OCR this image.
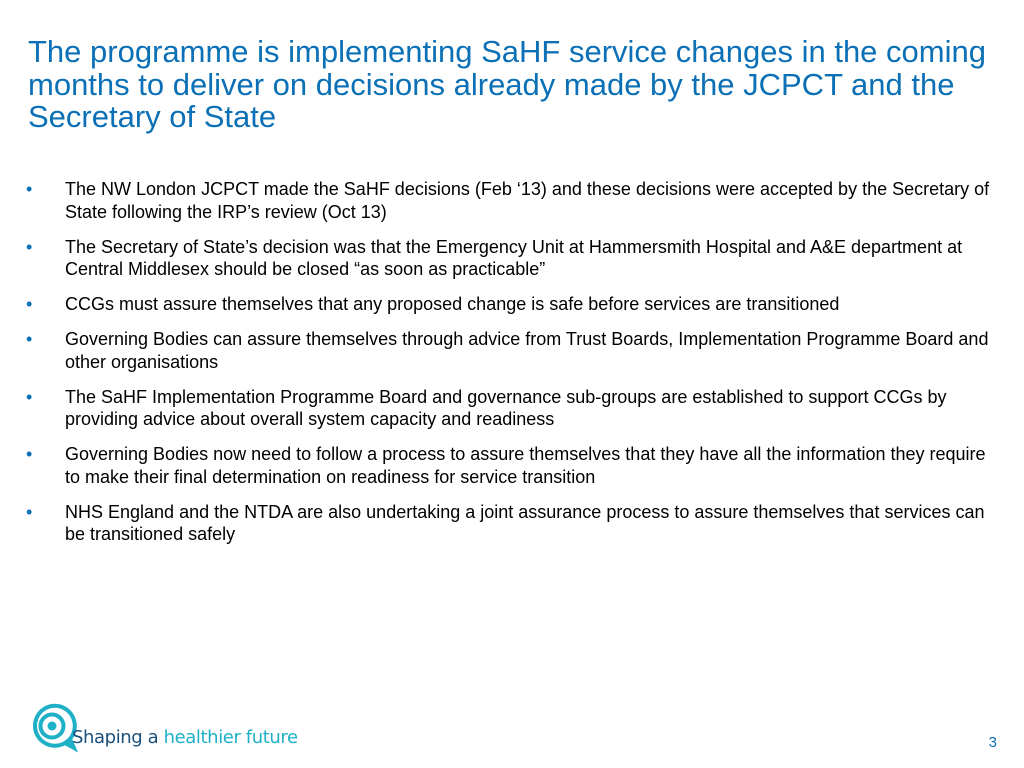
The programme is implementing SaHF service changes in the coming months to deliver on decisions already made by the JCPCT and the Secretary of State
• The NW London JCPCT made the SaHF decisions (Feb ‘13) and these decisions were accepted by the Secretary of State following the IRP’s review (Oct 13)
• The Secretary of State’s decision was that the Emergency Unit at Hammersmith Hospital and A&E department at Central Middlesex should be closed “as soon as practicable”
• CCGs must assure themselves that any proposed change is safe before services are transitioned
• Governing Bodies can assure themselves through advice from Trust Boards, Implementation Programme Board and other organisations
• The SaHF Implementation Programme Board and governance sub-groups are established to support CCGs by providing advice about overall system capacity and readiness
• Governing Bodies now need to follow a process to assure themselves that they have all the information they require to make their final determination on readiness for service transition
• NHS England and the NTDA are also undertaking a joint assurance process to assure themselves that services can be transitioned safely
Shaping a healthier future	3
